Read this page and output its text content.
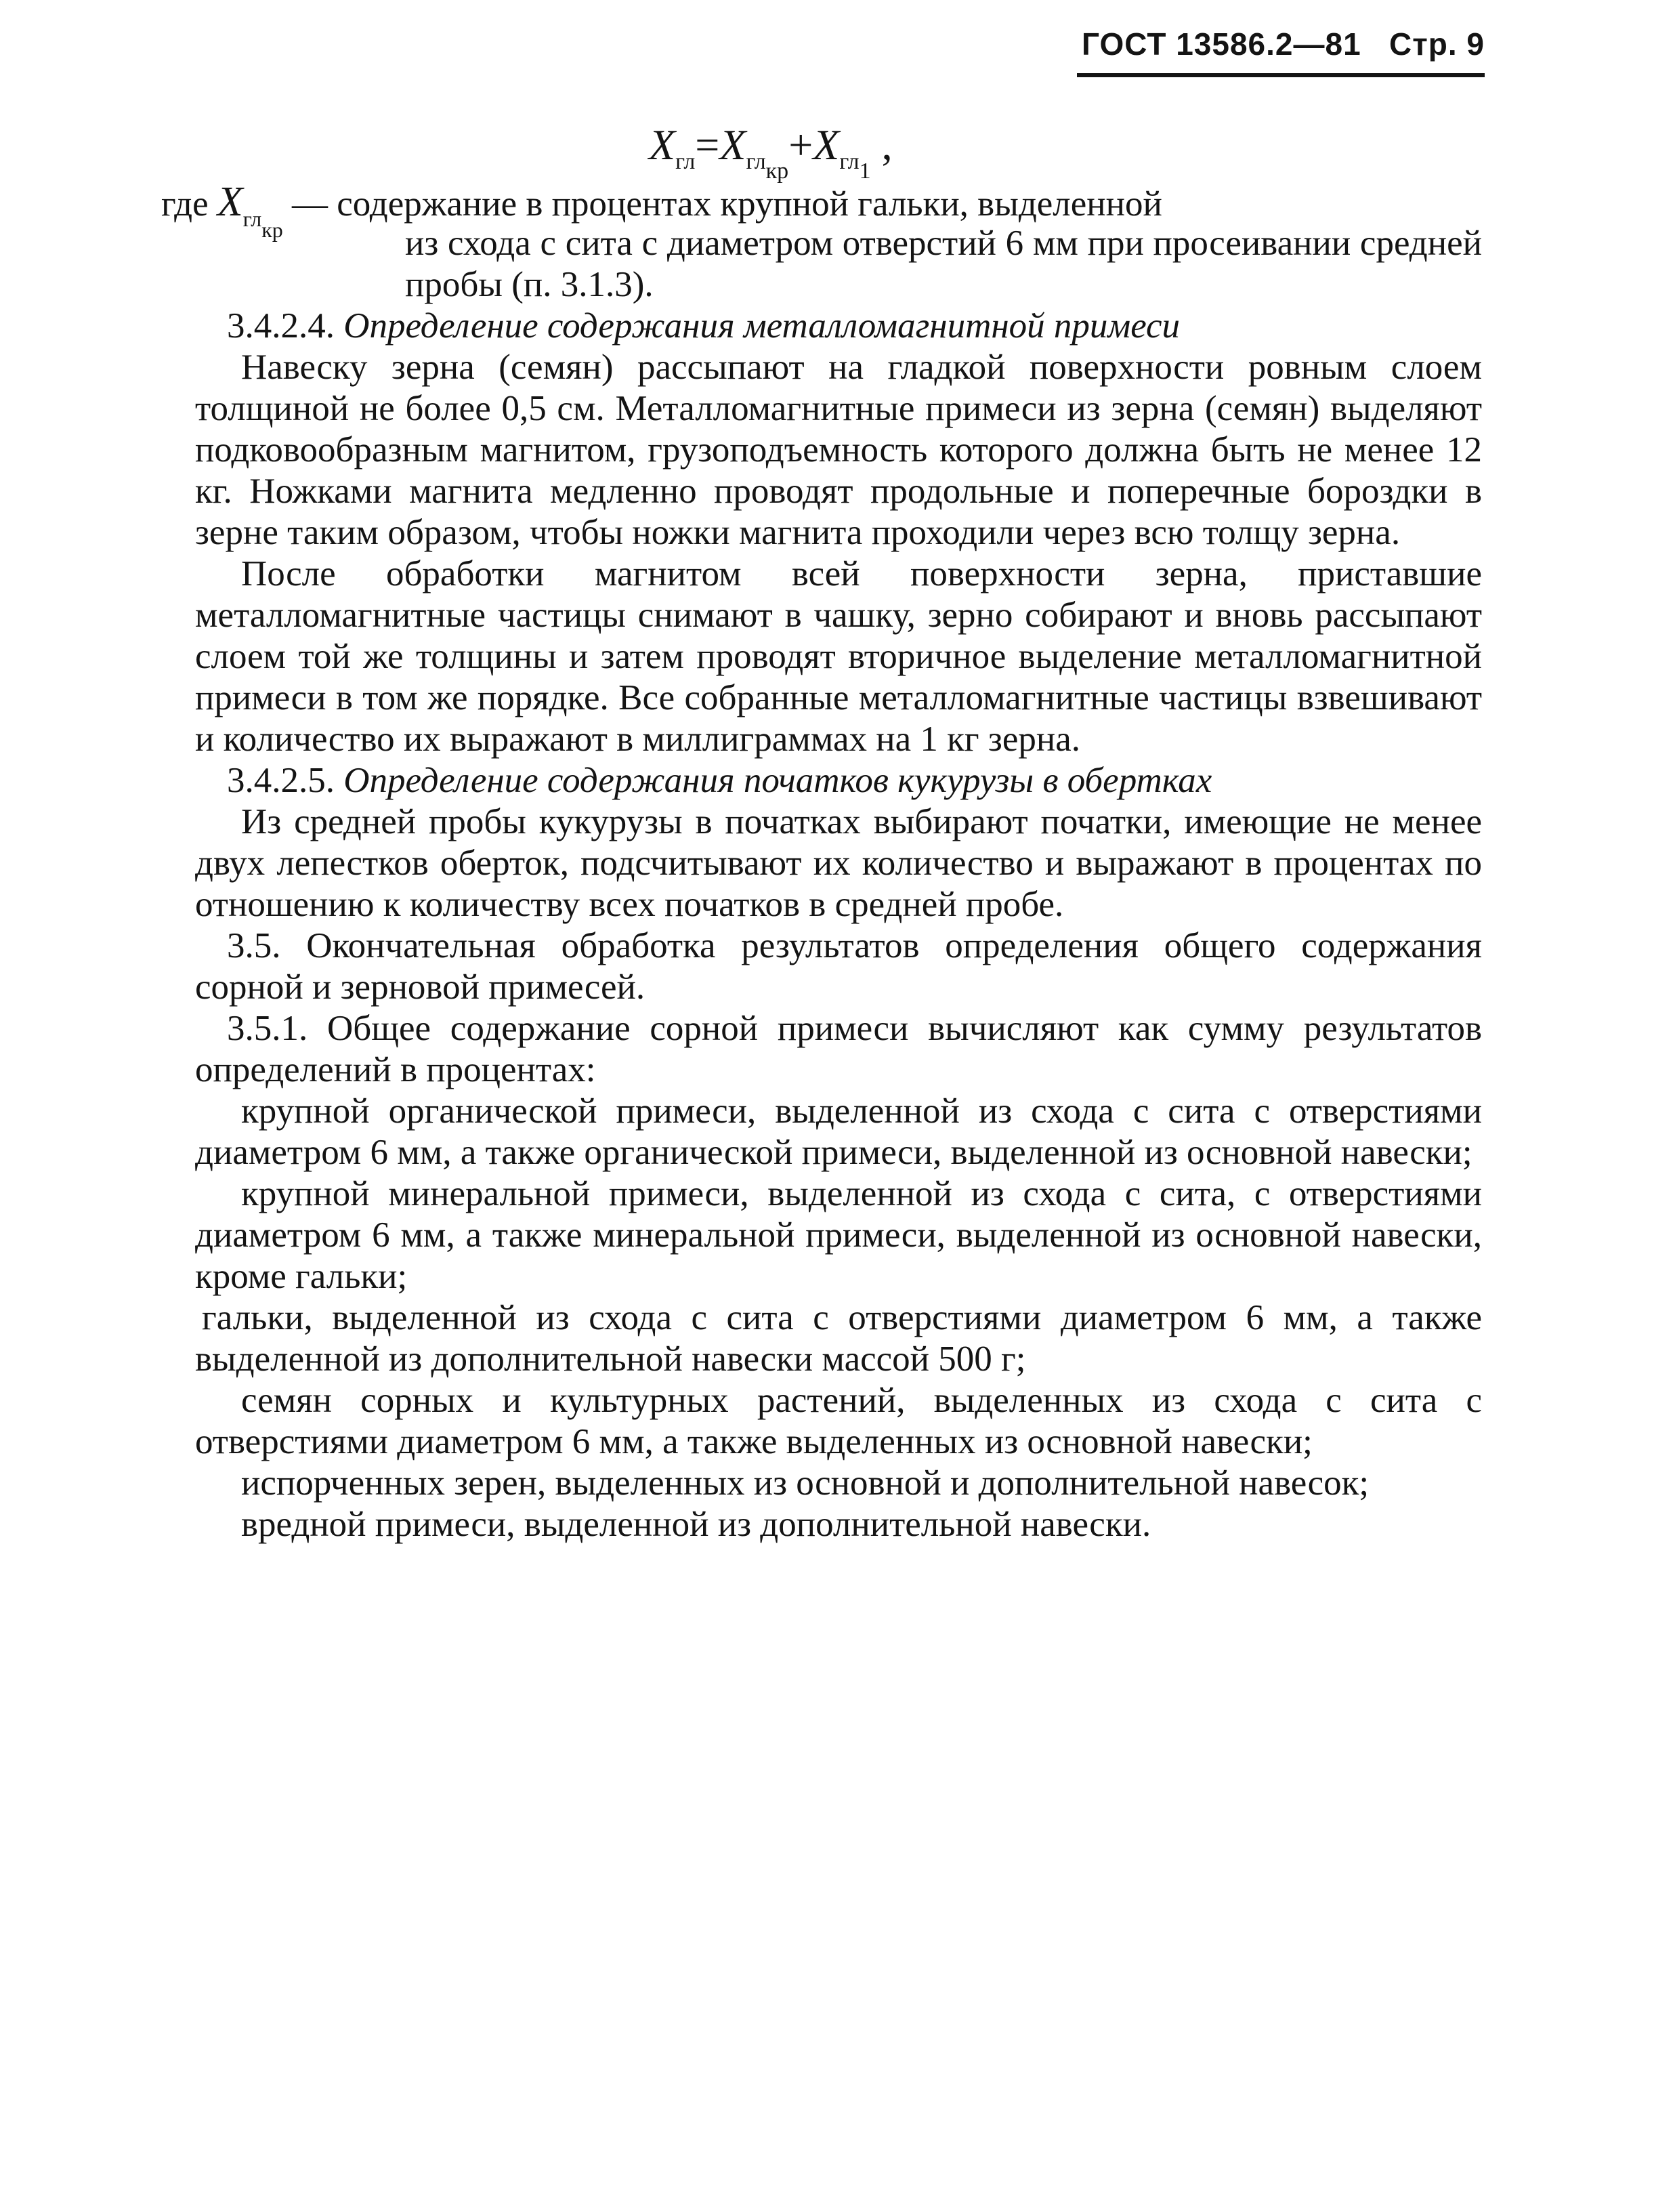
ГОСТ 13586.2—81 Стр. 9
$X_{гл}=X_{гл_{кр}}+X_{гл_1}$ ,
где $X_{гл_{кр}}$ — содержание в процентах крупной гальки, выделенной

из схода с сита с диаметром отверстий 6 мм при просеивании средней пробы (п. 3.1.3).

3.4.2.4. Определение содержания металломагнитной примеси

Навеску зерна (семян) рассыпают на гладкой поверхности ровным слоем толщиной не более 0,5 см. Металломагнитные примеси из зерна (семян) выделяют подковообразным магнитом, грузоподъемность которого должна быть не менее 12 кг. Ножками магнита медленно проводят продольные и поперечные бороздки в зерне таким образом, чтобы ножки магнита проходили через всю толщу зерна.

После обработки магнитом всей поверхности зерна, приставшие металломагнитные частицы снимают в чашку, зерно собирают и вновь рассыпают слоем той же толщины и затем проводят вторичное выделение металломагнитной примеси в том же порядке. Все собранные металломагнитные частицы взвешивают и количество их выражают в миллиграммах на 1 кг зерна.

3.4.2.5. Определение содержания початков кукурузы в обертках

Из средней пробы кукурузы в початках выбирают початки, имеющие не менее двух лепестков оберток, подсчитывают их количество и выражают в процентах по отношению к количеству всех початков в средней пробе.

3.5. Окончательная обработка результатов определения общего содержания сорной и зерновой примесей.

3.5.1. Общее содержание сорной примеси вычисляют как сумму результатов определений в процентах:

крупной органической примеси, выделенной из схода с сита с отверстиями диаметром 6 мм, а также органической примеси, выделенной из основной навески;

крупной минеральной примеси, выделенной из схода с сита, с отверстиями диаметром 6 мм, а также минеральной примеси, выделенной из основной навески, кроме гальки;

гальки, выделенной из схода с сита с отверстиями диаметром 6 мм, а также выделенной из дополнительной навески массой 500 г;

семян сорных и культурных растений, выделенных из схода с сита с отверстиями диаметром 6 мм, а также выделенных из основной навески;

испорченных зерен, выделенных из основной и дополнительной навесок;

вредной примеси, выделенной из дополнительной навески.
